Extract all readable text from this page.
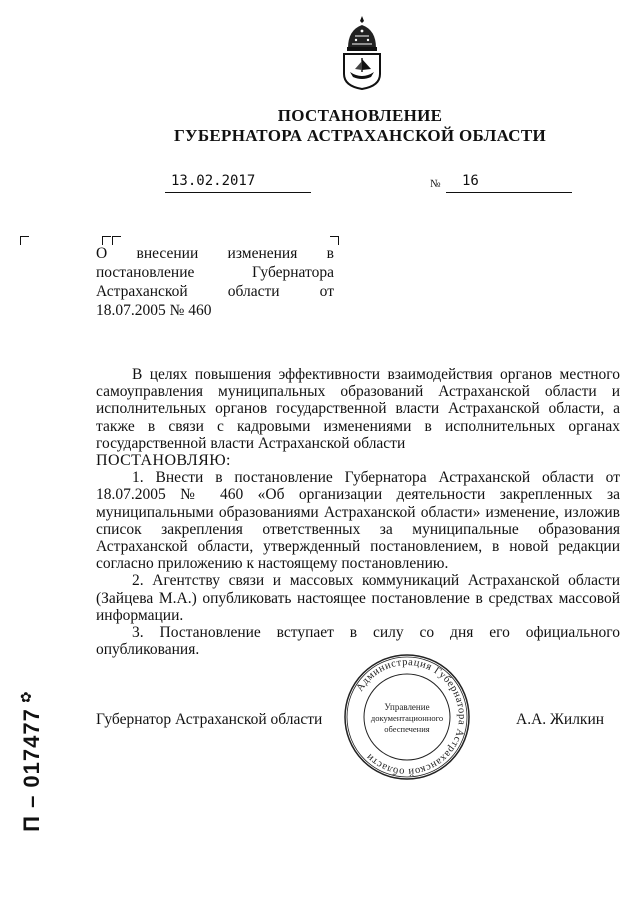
ПОСТАНОВЛЕНИЕ
ГУБЕРНАТОРА АСТРАХАНСКОЙ ОБЛАСТИ
13.02.2017	№	16
О внесении изменения в постановление Губернатора Астраханской области от 18.07.2005 № 460

В целях повышения эффективности взаимодействия органов местного самоуправления муниципальных образований Астраханской области и исполнительных органов государственной власти Астраханской области, а также в связи с кадровыми изменениями в исполнительных органах государственной власти Астраханской области

ПОСТАНОВЛЯЮ:

1. Внести в постановление Губернатора Астраханской области от 18.07.2005 № 460 «Об организации деятельности закрепленных за муниципальными образованиями Астраханской области» изменение, изложив список закрепления ответственных за муниципальные образования Астраханской области, утвержденный постановлением, в новой редакции согласно приложению к настоящему постановлению.

2. Агентству связи и массовых коммуникаций Астраханской области (Зайцева М.А.) опубликовать настоящее постановление в средствах массовой информации.

3. Постановление вступает в силу со дня его официального опубликования.

Губернатор Астраханской области	А.А. Жилкин
Администрация Губернатора Астраханской области
Управление
документационного
обеспечения
✿
П – 017477
